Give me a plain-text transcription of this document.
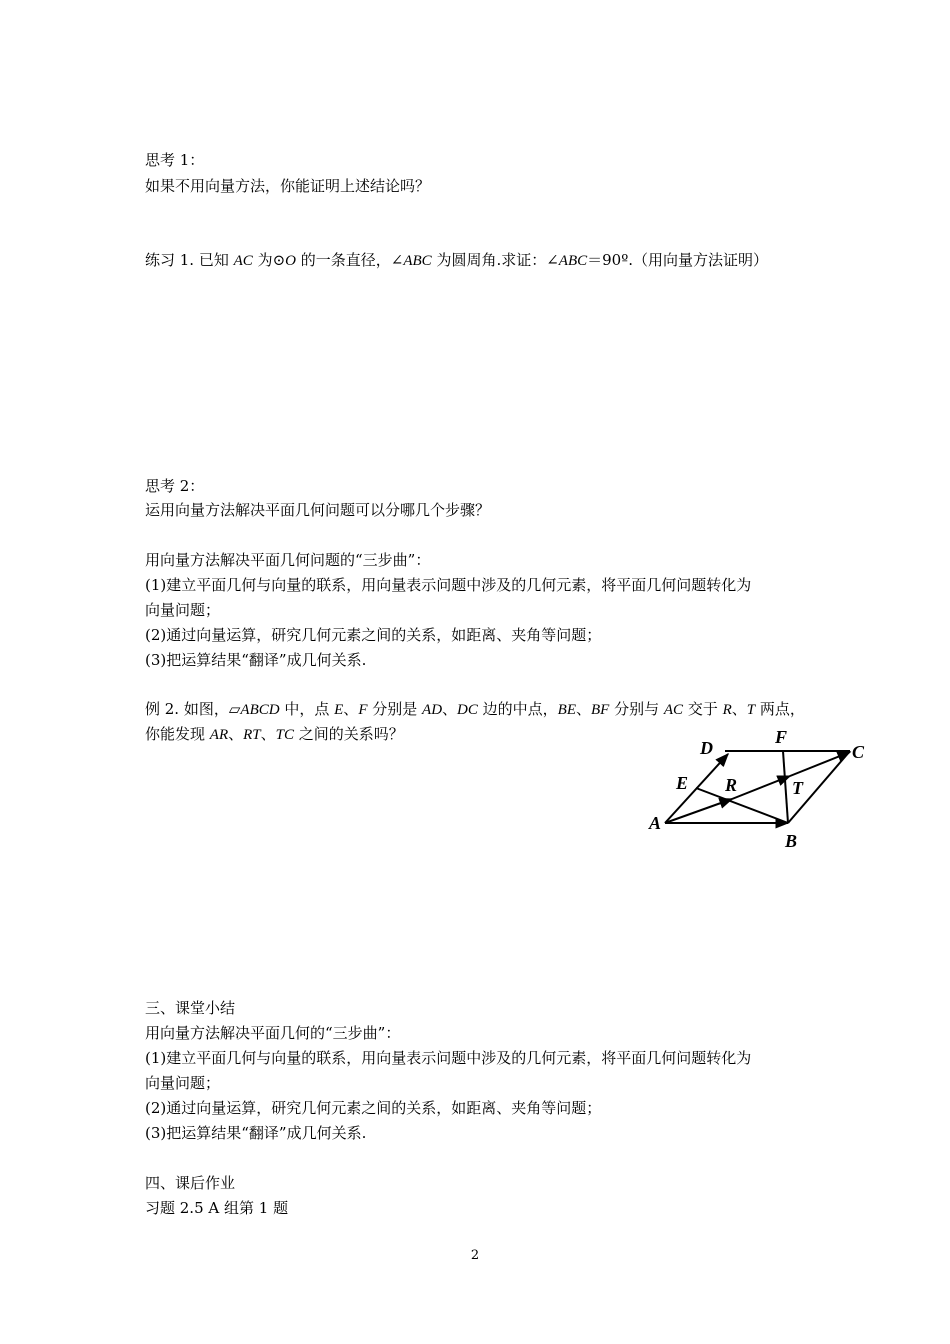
思考 1：
如果不用向量方法，你能证明上述结论吗？
练习 1. 已知 AC 为⊙O 的一条直径，∠ABC 为圆周角.求证：∠ABC＝90º.（用向量方法证明）
思考 2：
运用向量方法解决平面几何问题可以分哪几个步骤？
用向量方法解决平面几何问题的“三步曲”：
(1)建立平面几何与向量的联系，用向量表示问题中涉及的几何元素，将平面几何问题转化为
向量问题；
(2)通过向量运算，研究几何元素之间的关系，如距离、夹角等问题；
(3)把运算结果“翻译”成几何关系.
例 2. 如图，▱ABCD 中，点 E、F 分别是 AD、DC 边的中点，BE、BF 分别与 AC 交于 R、T 两点，
你能发现 AR、RT、TC 之间的关系吗？
D
F
C
E R	T
A
B
三、课堂小结
用向量方法解决平面几何的“三步曲”：
(1)建立平面几何与向量的联系，用向量表示问题中涉及的几何元素，将平面几何问题转化为
向量问题；
(2)通过向量运算，研究几何元素之间的关系，如距离、夹角等问题；
(3)把运算结果“翻译”成几何关系.
四、课后作业
习题 2.5 A 组第 1 题
2
